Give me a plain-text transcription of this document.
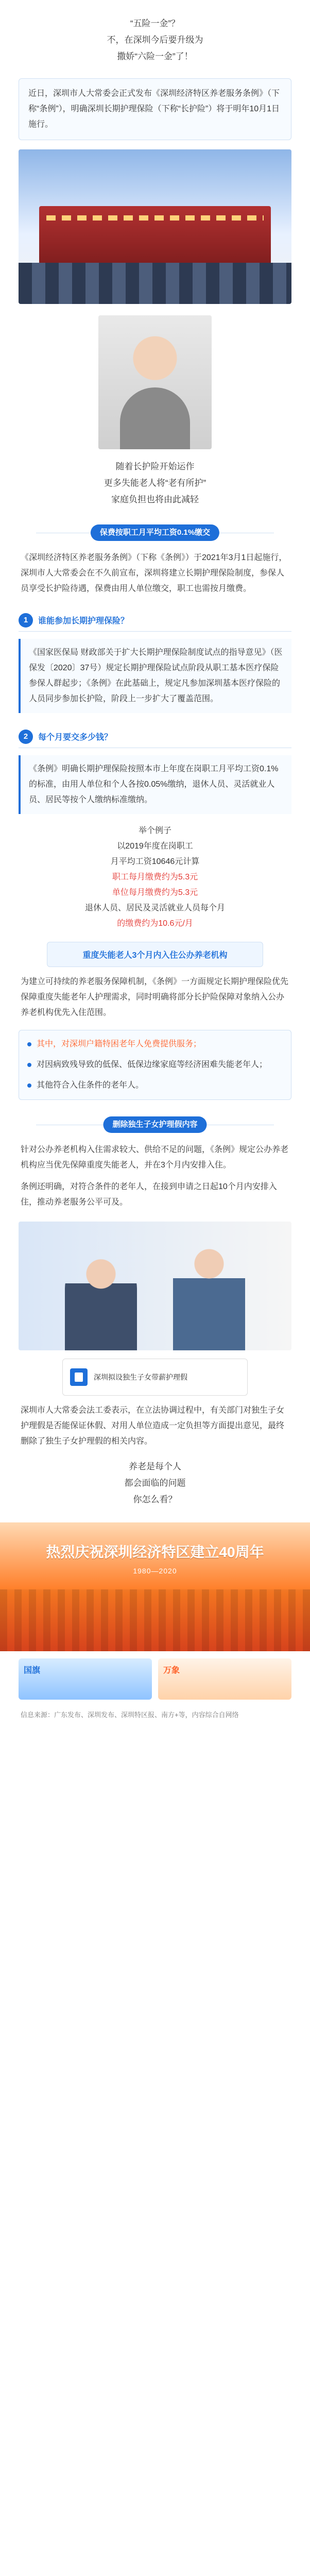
“五险一金”？
不，在深圳今后要升级为
撒娇“六险一金”了！
近日，深圳市人大常委会正式发布《深圳经济特区养老服务条例》（下称“条例”），明确深圳长期护理保险（下称“长护险”）将于明年10月1日施行。
随着长护险开始运作
更多失能老人将“老有所护”
家庭负担也将由此减轻
保费按职工月平均工资0.1%缴交

《深圳经济特区养老服务条例》（下称《条例》）于2021年3月1日起施行，深圳市人大常委会在不久前宣布，深圳将建立长期护理保险制度，参保人员享受长护险待遇，保费由用人单位缴交，职工也需按月缴费。

1	谁能参加长期护理保险？
《国家医保局 财政部关于扩大长期护理保险制度试点的指导意见》（医保发〔2020〕37号）规定长期护理保险试点阶段从职工基本医疗保险参保人群起步；《条例》在此基础上，规定凡参加深圳基本医疗保险的人员同步参加长护险，阶段上一步扩大了覆盖范围。
2	每个月要交多少钱？
《条例》明确长期护理保险按照本市上年度在岗职工月平均工资0.1%的标准，由用人单位和个人各按0.05%缴纳，退休人员、灵活就业人员、居民等按个人缴纳标准缴纳。
举个例子
以2019年度在岗职工
月平均工资10646元计算
职工每月缴费约为5.3元
单位每月缴费约为5.3元
退休人员、居民及灵活就业人员每个月
的缴费约为10.6元/月
重度失能老人3个月内入住公办养老机构

为建立可持续的养老服务保障机制，《条例》一方面规定长期护理保险优先保障重度失能老年人护理需求，同时明确将部分长护险保障对象纳入公办养老机构优先入住范围。

其中，对深圳户籍特困老年人免费提供服务；
对因病致残导致的低保、低保边缘家庭等经济困难失能老年人；
其他符合入住条件的老年人。
删除独生子女护理假内容

针对公办养老机构入住需求较大、供给不足的问题，《条例》规定公办养老机构应当优先保障重度失能老人，并在3个月内安排入住。

条例还明确，对符合条件的老年人，在接到申请之日起10个月内安排入住，推动养老服务公平可及。

深圳拟设独生子女带薪护理假

深圳市人大常委会法工委表示，在立法协调过程中，有关部门对独生子女护理假是否能保证休假、对用人单位造成一定负担等方面提出意见，最终删除了独生子女护理假的相关内容。

养老是每个人
都会面临的问题
你怎么看？
热烈庆祝深圳经济特区建立40周年
1980—2020
国旗	万象
信息来源：广东发布、深圳发布、深圳特区报、南方+等，内容综合自网络
